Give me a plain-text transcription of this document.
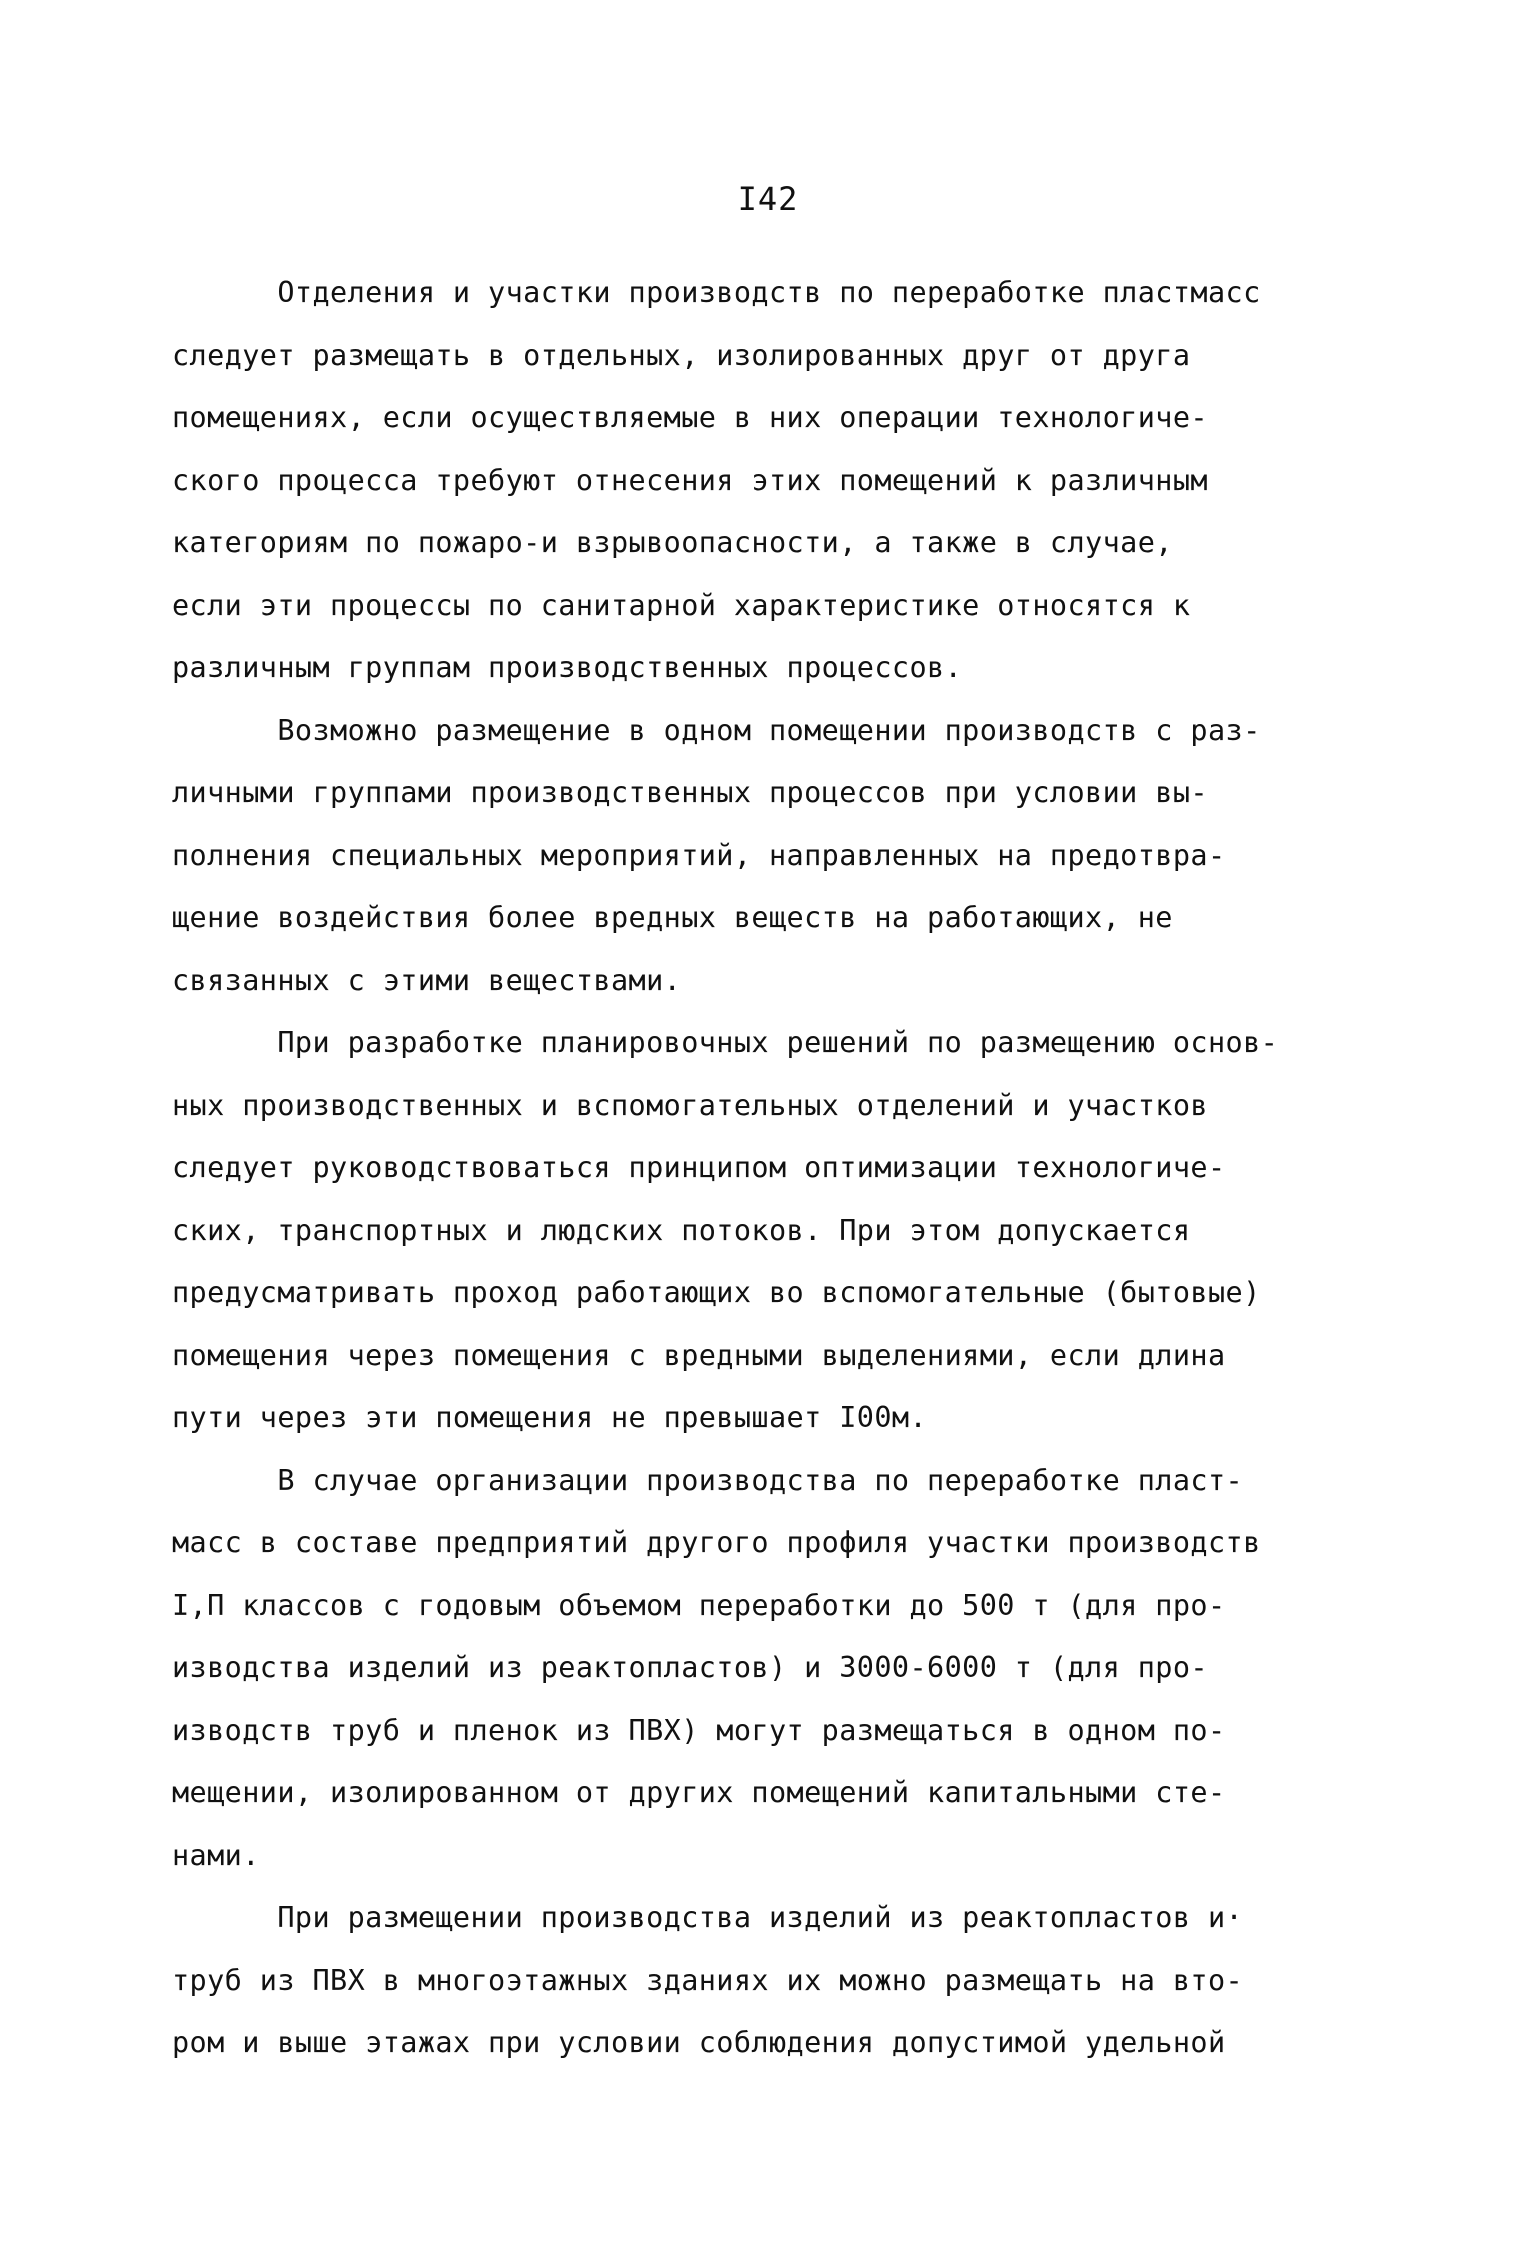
I42
Отделения и участки производств по переработке пластмасс
следует размещать в отдельных, изолированных друг от друга
помещениях, если осуществляемые в них операции технологиче-
ского процесса требуют отнесения этих помещений к различным
категориям по пожаро-и взрывоопасности, а также в случае,
если эти процессы по санитарной характеристике относятся к
различным группам производственных процессов.
Возможно размещение в одном помещении производств с раз-
личными группами производственных процессов при условии вы-
полнения специальных мероприятий, направленных на предотвра-
щение воздействия более вредных веществ на работающих, не
связанных с этими веществами.
При разработке планировочных решений по размещению основ-
ных производственных и вспомогательных отделений и участков
следует руководствоваться принципом оптимизации технологиче-
ских, транспортных и людских потоков. При этом допускается
предусматривать проход работающих во вспомогательные (бытовые)
помещения через помещения с вредными выделениями, если длина
пути через эти помещения не превышает I00м.
В случае организации производства по переработке пласт-
масс в составе предприятий другого профиля участки производств
I,П классов с годовым объемом переработки до 500 т (для про-
изводства изделий из реактопластов) и 3000-6000 т (для про-
изводств труб и пленок из ПВХ) могут размещаться в одном по-
мещении, изолированном от других помещений капитальными сте-
нами.
При размещении производства изделий из реактопластов и·
труб из ПВХ в многоэтажных зданиях их можно размещать на вто-
ром и выше этажах при условии соблюдения допустимой удельной
